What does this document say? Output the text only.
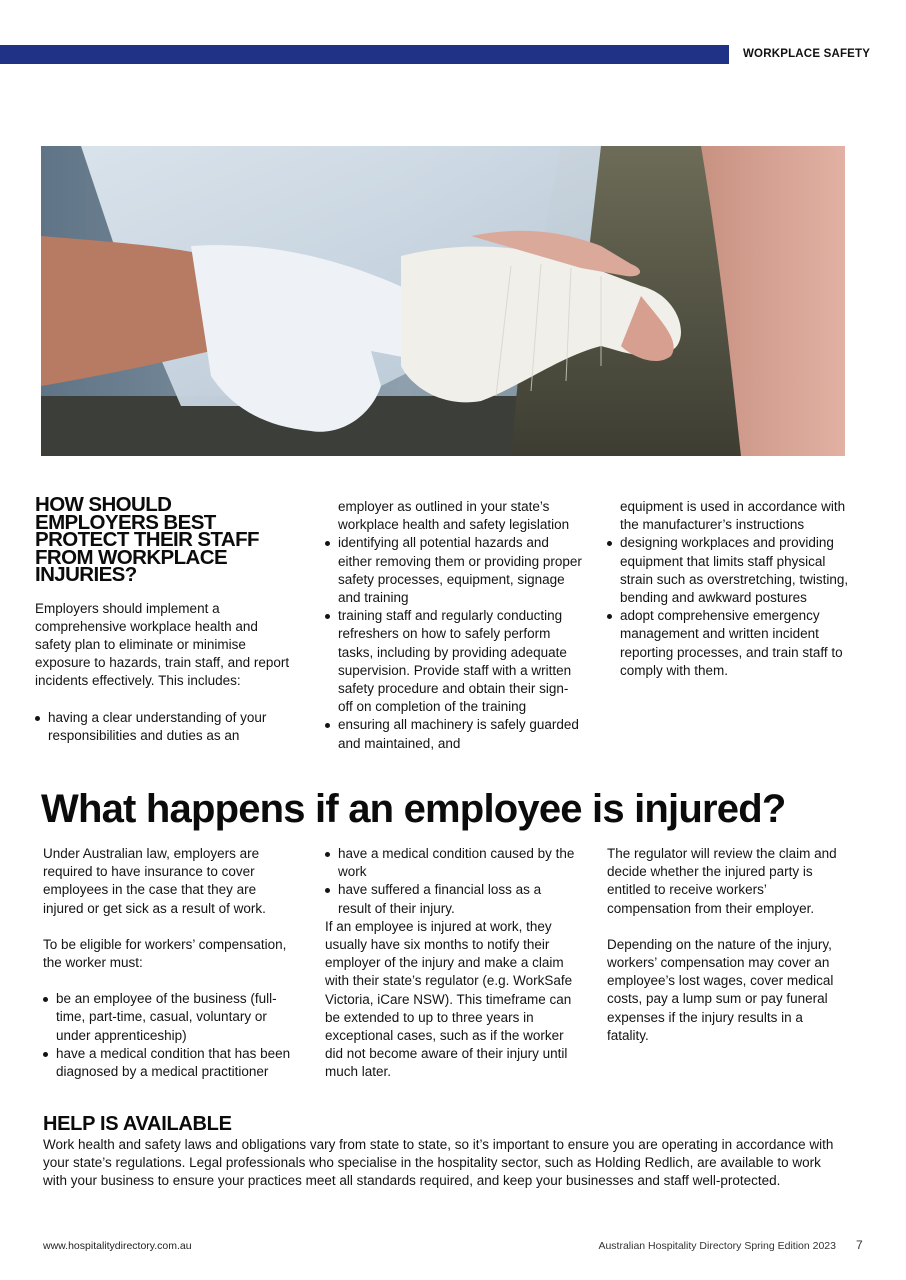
WORKPLACE SAFETY
HOW SHOULD EMPLOYERS BEST PROTECT THEIR STAFF FROM WORKPLACE INJURIES?

Employers should implement a comprehensive workplace health and safety plan to eliminate or minimise exposure to hazards, train staff, and report incidents effectively. This includes:

having a clear understanding of your responsibilities and duties as an

employer as outlined in your state’s workplace health and safety legislation

identifying all potential hazards and either removing them or providing proper safety processes, equipment, signage and training
training staff and regularly conducting refreshers on how to safely perform tasks, including by providing adequate supervision. Provide staff with a written safety procedure and obtain their sign-off on completion of the training
ensuring all machinery is safely guarded and maintained, and

equipment is used in accordance with the manufacturer’s instructions

designing workplaces and providing equipment that limits staff physical strain such as overstretching, twisting, bending and awkward postures
adopt comprehensive emergency management and written incident reporting processes, and train staff to comply with them.
What happens if an employee is injured?

Under Australian law, employers are required to have insurance to cover employees in the case that they are injured or get sick as a result of work.

To be eligible for workers’ compensation, the worker must:

be an employee of the business (full-time, part-time, casual, voluntary or under apprenticeship)
have a medical condition that has been diagnosed by a medical practitioner
have a medical condition caused by the work
have suffered a financial loss as a result of their injury.

If an employee is injured at work, they usually have six months to notify their employer of the injury and make a claim with their state’s regulator (e.g. WorkSafe Victoria, iCare NSW). This timeframe can be extended to up to three years in exceptional cases, such as if the worker did not become aware of their injury until much later.

The regulator will review the claim and decide whether the injured party is entitled to receive workers’ compensation from their employer.

Depending on the nature of the injury, workers’ compensation may cover an employee’s lost wages, cover medical costs, pay a lump sum or pay funeral expenses if the injury results in a fatality.

HELP IS AVAILABLE

Work health and safety laws and obligations vary from state to state, so it’s important to ensure you are operating in accordance with your state’s regulations. Legal professionals who specialise in the hospitality sector, such as Holding Redlich, are available to work with your business to ensure your practices meet all standards required, and keep your businesses and staff well-protected.

www.hospitalitydirectory.com.au	Australian Hospitality Directory Spring Edition 2023 7
